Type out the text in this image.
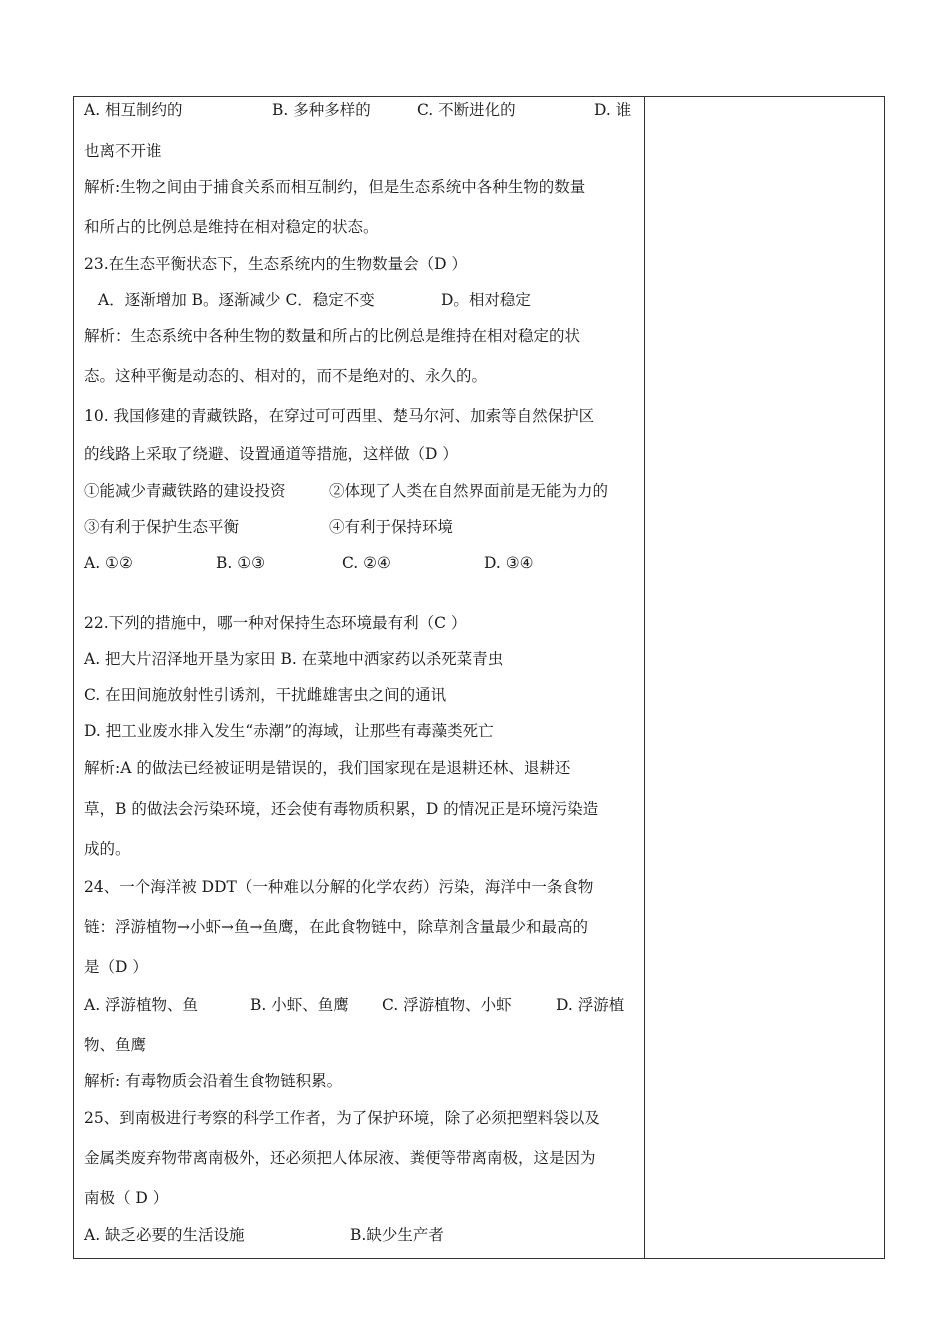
A. 相互制约的	B. 多种多样的	C. 不断进化的	D. 谁
也离不开谁
解析:生物之间由于捕食关系而相互制约，但是生态系统中各种生物的数量
和所占的比例总是维持在相对稳定的状态。
23.在生态平衡状态下，生态系统内的生物数量会（D ）
A．逐渐增加 B。逐渐减少 C．稳定不变	D。相对稳定
解析：生态系统中各种生物的数量和所占的比例总是维持在相对稳定的状
态。这种平衡是动态的、相对的，而不是绝对的、永久的。
10. 我国修建的青藏铁路，在穿过可可西里、楚马尔河、加索等自然保护区
的线路上采取了绕避、设置通道等措施，这样做（D ）
①能减少青藏铁路的建设投资	②体现了人类在自然界面前是无能为力的
③有利于保护生态平衡	④有利于保持环境
A. ①②	B. ①③	C. ②④	D. ③④
22.下列的措施中，哪一种对保持生态环境最有利（C ）
A. 把大片沼泽地开垦为家田 B. 在菜地中洒家药以杀死菜青虫
C. 在田间施放射性引诱剂，干扰雌雄害虫之间的通讯
D. 把工业废水排入发生“赤潮”的海域，让那些有毒藻类死亡
解析:A 的做法已经被证明是错误的，我们国家现在是退耕还林、退耕还
草，B 的做法会污染环境，还会使有毒物质积累，D 的情况正是环境污染造
成的。
24、一个海洋被 DDT（一种难以分解的化学农药）污染，海洋中一条食物
链：浮游植物→小虾→鱼→鱼鹰，在此食物链中，除草剂含量最少和最高的
是（D ）
A. 浮游植物、鱼	B. 小虾、鱼鹰 C. 浮游植物、小虾	D. 浮游植
物、鱼鹰
解析: 有毒物质会沿着生食物链积累。
25、到南极进行考察的科学工作者，为了保护环境，除了必须把塑料袋以及
金属类废弃物带离南极外，还必须把人体尿液、粪便等带离南极，这是因为
南极（ D ）
A. 缺乏必要的生活设施	B.缺少生产者
